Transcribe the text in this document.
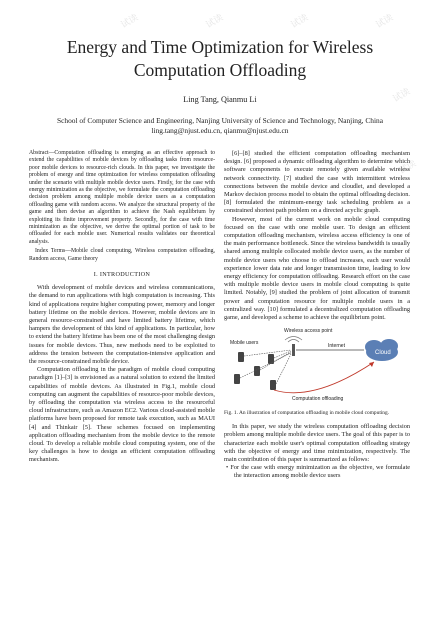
试读	试读	试读	试读
试读
试读
Energy and Time Optimization for Wireless
Computation Offloading
Ling Tang, Qianmu Li
School of Computer Science and Engineering, Nanjing University of Science and Technology, Nanjing, China
ling.tang@njust.edu.cn, qianmu@njust.edu.cn

Abstract—Computation offloading is emerging as an effective approach to extend the capabilities of mobile devices by offloading tasks from resource-poor mobile devices to resource-rich clouds. In this paper, we investigate the problem of energy and time optimization for wireless computation offloading under the scenario with multiple mobile device users. Firstly, for the case with energy minimization as the objective, we formulate the computation offloading decision problem among multiple mobile device users as a computation offloading game with random access. We analyze the structural property of the game and then devise an algorithm to achieve the Nash equilibrium by exploiting its finite improvement property. Secondly, for the case with time minimization as the objective, we derive the optimal portion of task to be offloaded for each mobile user. Numerical results validates our theoretical analysis.

Index Terms—Mobile cloud computing, Wireless computation offloading, Random access, Game theory

I. INTRODUCTION

With development of mobile devices and wireless communications, the demand to run applications with high computation is increasing. This kind of applications require higher computing power, memory and longer battery lifetime on the mobile devices. However, mobile devices are in general resource-constrained and have limited battery lifetime, which hampers the development of this kind of applications. In particular, how to extend the battery lifetime has been one of the most challenging design issues for mobile devices. Thus, new methods need to be exploited to address the tension between the computation-intensive application and the resource-constrained mobile device.

Computation offloading in the paradigm of mobile cloud computing paradigm [1]–[3] is envisioned as a natural solution to extend the limited capabilities of mobile devices. As illustrated in Fig.1, mobile cloud computing can augment the capabilities of resource-poor mobile devices, by offloading the computation via wireless access to the resourceful cloud infrastructure, such as Amazon EC2. Various cloud-assisted mobile platforms have been proposed for remote task execution, such as MAUI [4] and Thinkair [5]. These schemes focused on implementing application offloading mechanism from the mobile device to the remote cloud. To develop a reliable mobile cloud computing system, one of the key challenges is how to design an efficient computation offloading mechanism.

[6]–[8] studied the efficient computation offloading mechanism design. [6] proposed a dynamic offloading algorithm to determine which software components to execute remotely given available wireless network connectivity. [7] studied the case with intermittent wireless connections between the mobile device and cloudlet, and developed a Markov decision process model to obtain the optimal offloading decision. [8] formulated the minimum-energy task scheduling problem as a constrained shortest path problem on a directed acyclic graph.

However, most of the current work on mobile cloud computing focused on the case with one mobile user. To design an efficient computation offloading mechanism, wireless access efficiency is one of the main performance bottleneck. Since the wireless bandwidth is usually shared among multiple collocated mobile device users, as the number of mobile device users who choose to offload increases, each user would experience lower data rate and longer transmission time, leading to low energy efficiency for computation offloading. Research effort on the case with multiple mobile device users in mobile cloud computing is quite limited. Notably, [9] studied the problem of joint allocation of transmit power and computation resource for multiple mobile users in a centralized way. [10] formulated a decentralized computation offloading game, and developed a scheme to achieve the equilibrium point.

Wireless access point
Mobile users	Internet
Cloud
Computation offloading

Fig. 1. An illustration of computation offloading in mobile cloud computing.

In this paper, we study the wireless computation offloading decision problem among multiple mobile device users. The goal of this paper is to characterize each mobile user's optimal computation offloading strategy with the objective of energy and time minimization, respectively. The main contribution of this paper is summarized as follows:

• For the case with energy minimization as the objective, we formulate the interaction among mobile device users
